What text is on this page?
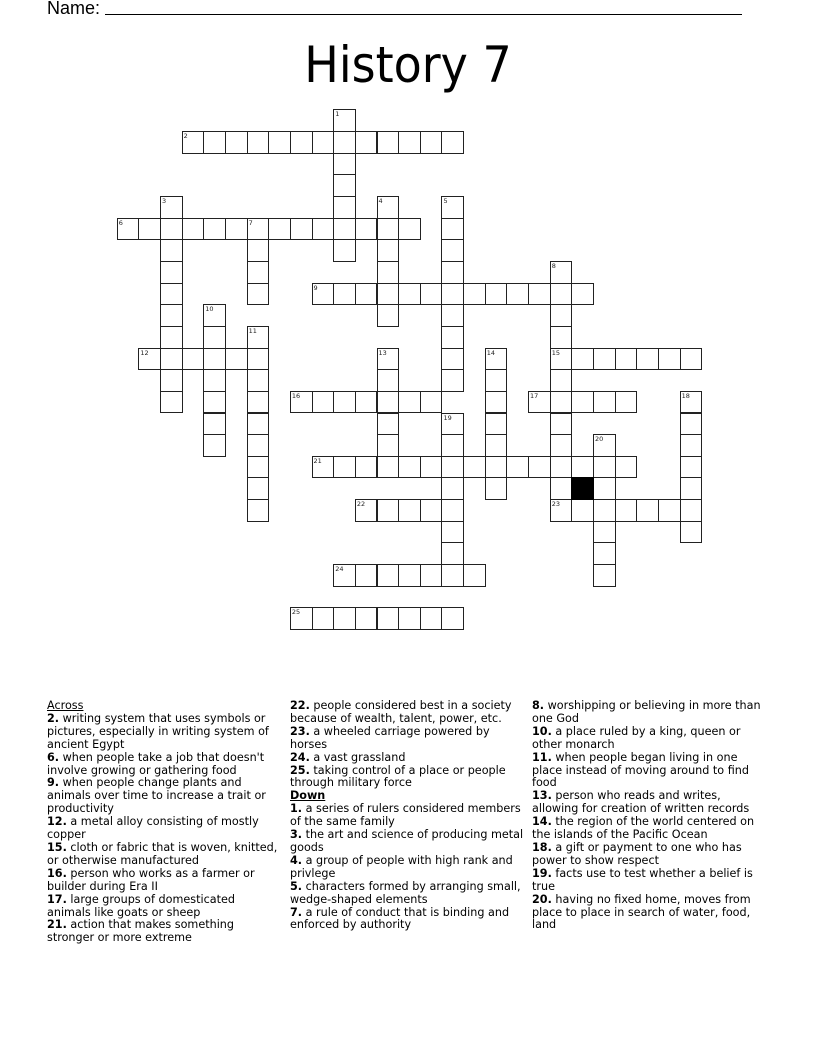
Name:
History 7
2
6	7
9
12	15
16	17
21
22	23
24
25
1
3	4	5
8
10
11
13	14
18
19
20
Across

2. writing system that uses symbols or pictures, especially in writing system of ancient Egypt

6. when people take a job that doesn't involve growing or gathering food

9. when people change plants and animals over time to increase a trait or productivity

12. a metal alloy consisting of mostly copper

15. cloth or fabric that is woven, knitted, or otherwise manufactured

16. person who works as a farmer or builder during Era II

17. large groups of domesticated animals like goats or sheep

21. action that makes something stronger or more extreme

22. people considered best in a society because of wealth, talent, power, etc.

23. a wheeled carriage powered by horses

24. a vast grassland

25. taking control of a place or people through military force

Down

1. a series of rulers considered members of the same family

3. the art and science of producing metal goods

4. a group of people with high rank and privlege

5. characters formed by arranging small, wedge-shaped elements

7. a rule of conduct that is binding and enforced by authority

8. worshipping or believing in more than one God

10. a place ruled by a king, queen or other monarch

11. when people began living in one place instead of moving around to find food

13. person who reads and writes, allowing for creation of written records

14. the region of the world centered on the islands of the Pacific Ocean

18. a gift or payment to one who has power to show respect

19. facts use to test whether a belief is true

20. having no fixed home, moves from place to place in search of water, food, land
